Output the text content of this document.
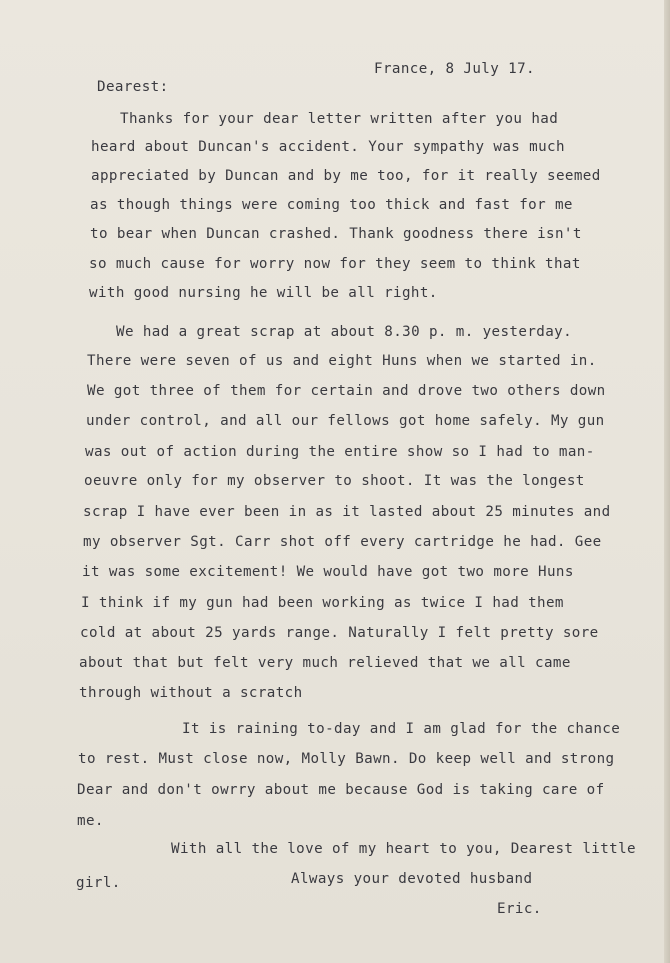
France, 8 July 17.
Dearest:
Thanks for your dear letter written after you had
heard about Duncan's accident. Your sympathy was much
appreciated by Duncan and by me too, for it really seemed
as though things were coming too thick and fast for me
to bear when Duncan crashed. Thank goodness there isn't
so much cause for worry now for they seem to think that
with good nursing he will be all right.
We had a great scrap at about 8.30 p. m. yesterday.
There were seven of us and eight Huns when we started in.
We got three of them for certain and drove two others down
under control, and all our fellows got home safely. My gun
was out of action during the entire show so I had to man-
oeuvre only for my observer to shoot. It was the longest
scrap I have ever been in as it lasted about 25 minutes and
my observer Sgt. Carr shot off every cartridge he had. Gee
it was some excitement! We would have got two more Huns
I think if my gun had been working as twice I had them
cold at about 25 yards range. Naturally I felt pretty sore
about that but felt very much relieved that we all came
through without a scratch
It is raining to-day and I am glad for the chance
to rest. Must close now, Molly Bawn. Do keep well and strong
Dear and don't owrry about me because God is taking care of
me.
With all the love of my heart to you, Dearest little
girl.	Always your devoted husband
Eric.
